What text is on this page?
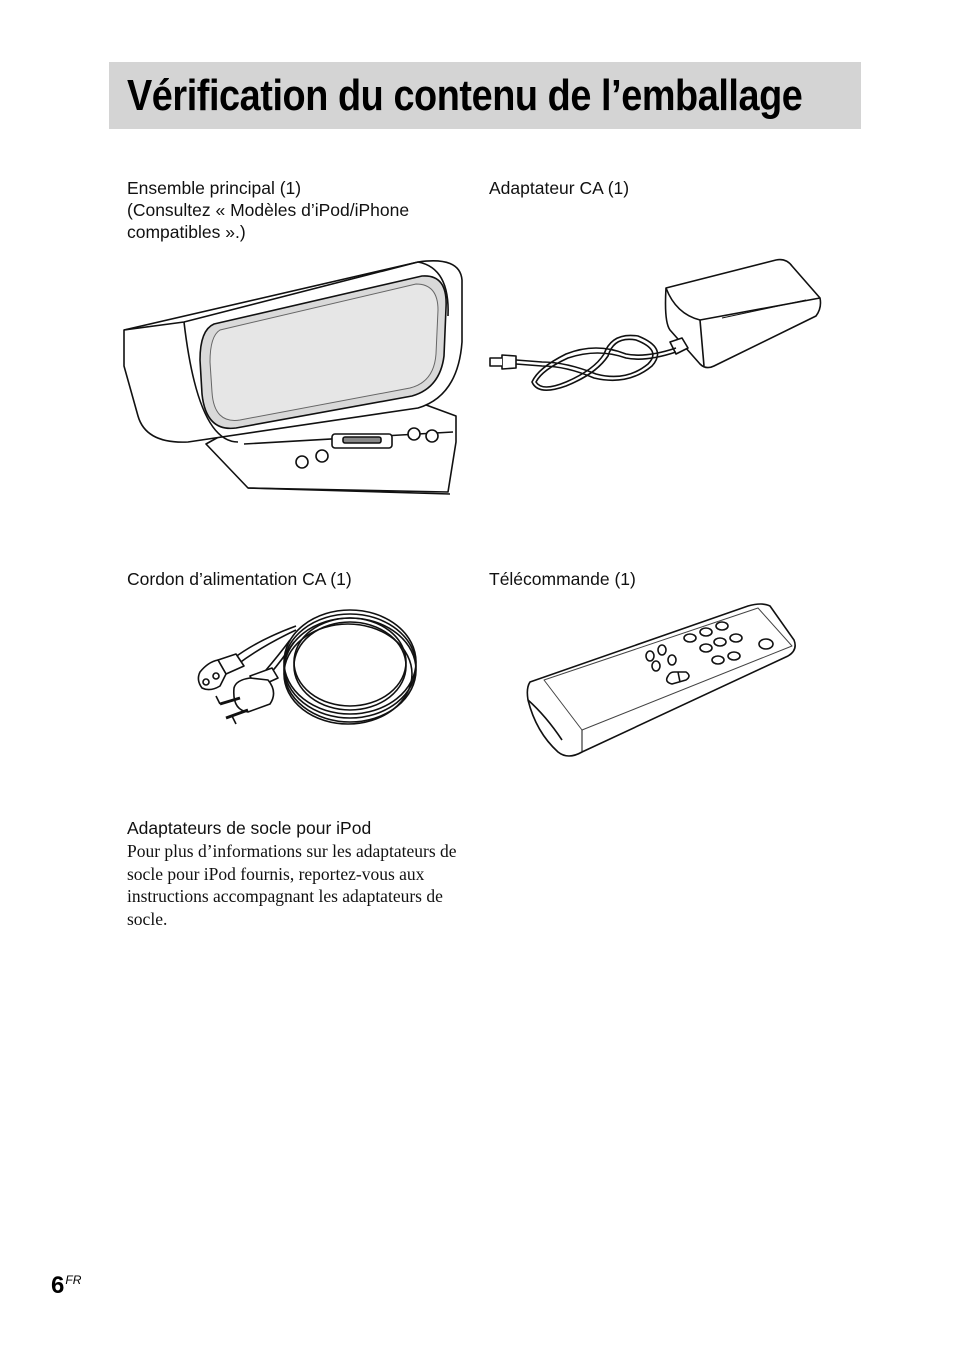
Vérification du contenu de l’emballage
Ensemble principal (1)
(Consultez « Modèles d’iPod/iPhone
compatibles ».)
Adaptateur CA (1)
Cordon d’alimentation CA (1)	Télécommande (1)
Adaptateurs de socle pour iPod
Pour plus d’informations sur les adaptateurs de
socle pour iPod fournis, reportez-vous aux
instructions accompagnant les adaptateurs de
socle.
$6^{FR}$
